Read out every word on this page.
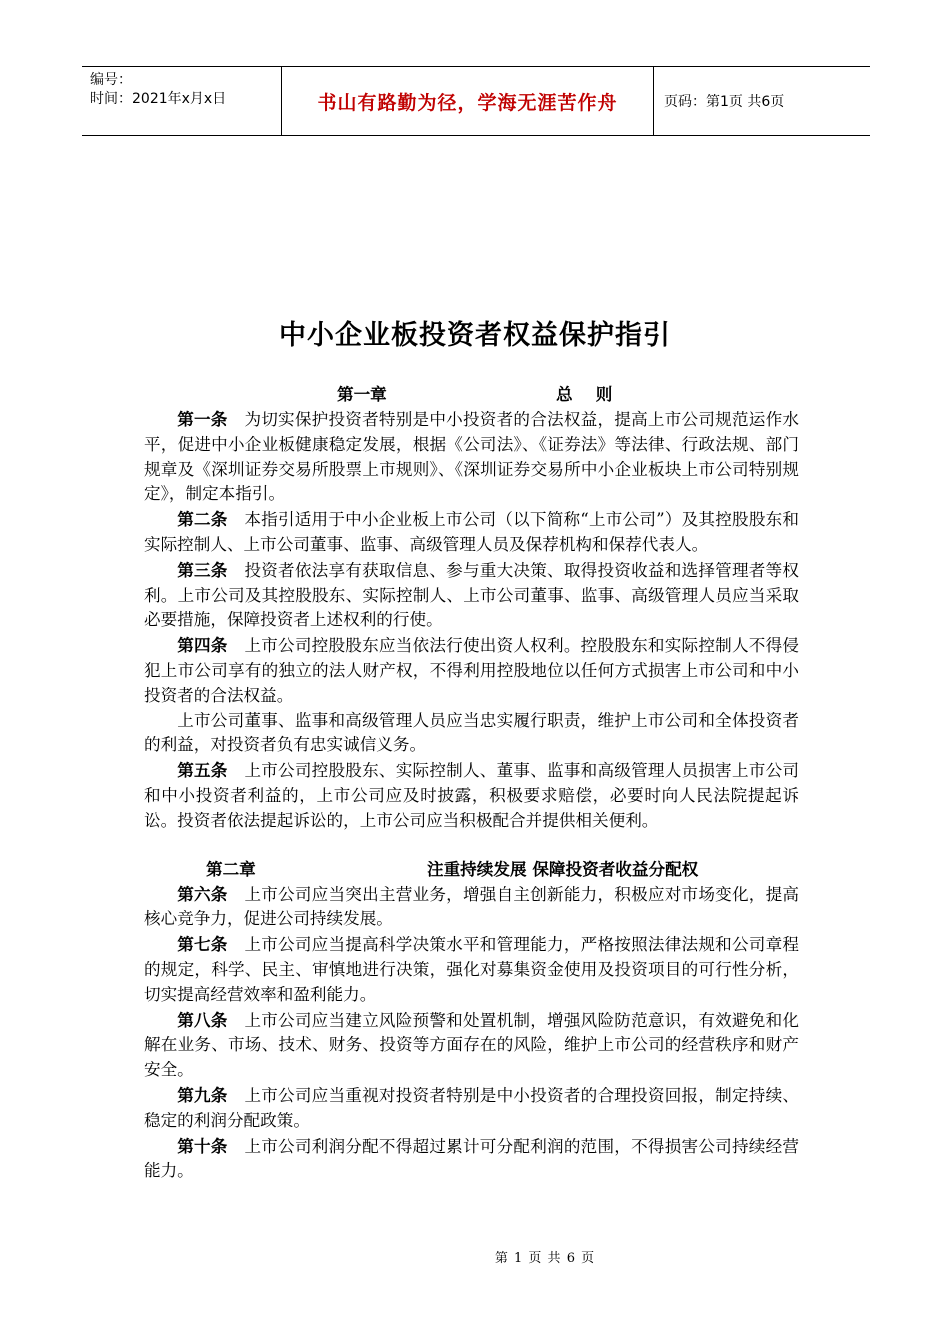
编号：
时间：2021年x月x日	书山有路勤为径，学海无涯苦作舟	页码：第1页 共6页
中小企业板投资者权益保护指引
第一章	总    则

第一条　 为切实保护投资者特别是中小投资者的合法权益，提高上市公司规范运作水平，促进中小企业板健康稳定发展，根据《公司法》、《证券法》等法律、行政法规、部门规章及《深圳证券交易所股票上市规则》、《深圳证券交易所中小企业板块上市公司特别规定》，制定本指引。

第二条　 本指引适用于中小企业板上市公司（以下简称“上市公司”）及其控股股东和实际控制人、上市公司董事、监事、高级管理人员及保荐机构和保荐代表人。

第三条　 投资者依法享有获取信息、参与重大决策、取得投资收益和选择管理者等权利。上市公司及其控股股东、实际控制人、上市公司董事、监事、高级管理人员应当采取必要措施，保障投资者上述权利的行使。

第四条　 上市公司控股股东应当依法行使出资人权利。控股股东和实际控制人不得侵犯上市公司享有的独立的法人财产权，不得利用控股地位以任何方式损害上市公司和中小投资者的合法权益。

上市公司董事、监事和高级管理人员应当忠实履行职责，维护上市公司和全体投资者的利益，对投资者负有忠实诚信义务。

第五条　 上市公司控股股东、实际控制人、董事、监事和高级管理人员损害上市公司和中小投资者利益的，上市公司应及时披露，积极要求赔偿，必要时向人民法院提起诉讼。投资者依法提起诉讼的，上市公司应当积极配合并提供相关便利。

第二章	注重持续发展 保障投资者收益分配权

第六条　 上市公司应当突出主营业务，增强自主创新能力，积极应对市场变化，提高核心竞争力，促进公司持续发展。

第七条　 上市公司应当提高科学决策水平和管理能力，严格按照法律法规和公司章程的规定，科学、民主、审慎地进行决策，强化对募集资金使用及投资项目的可行性分析，切实提高经营效率和盈利能力。

第八条　 上市公司应当建立风险预警和处置机制，增强风险防范意识，有效避免和化解在业务、市场、技术、财务、投资等方面存在的风险，维护上市公司的经营秩序和财产安全。

第九条　 上市公司应当重视对投资者特别是中小投资者的合理投资回报，制定持续、稳定的利润分配政策。

第十条　 上市公司利润分配不得超过累计可分配利润的范围，不得损害公司持续经营能力。

第 1 页 共 6 页
